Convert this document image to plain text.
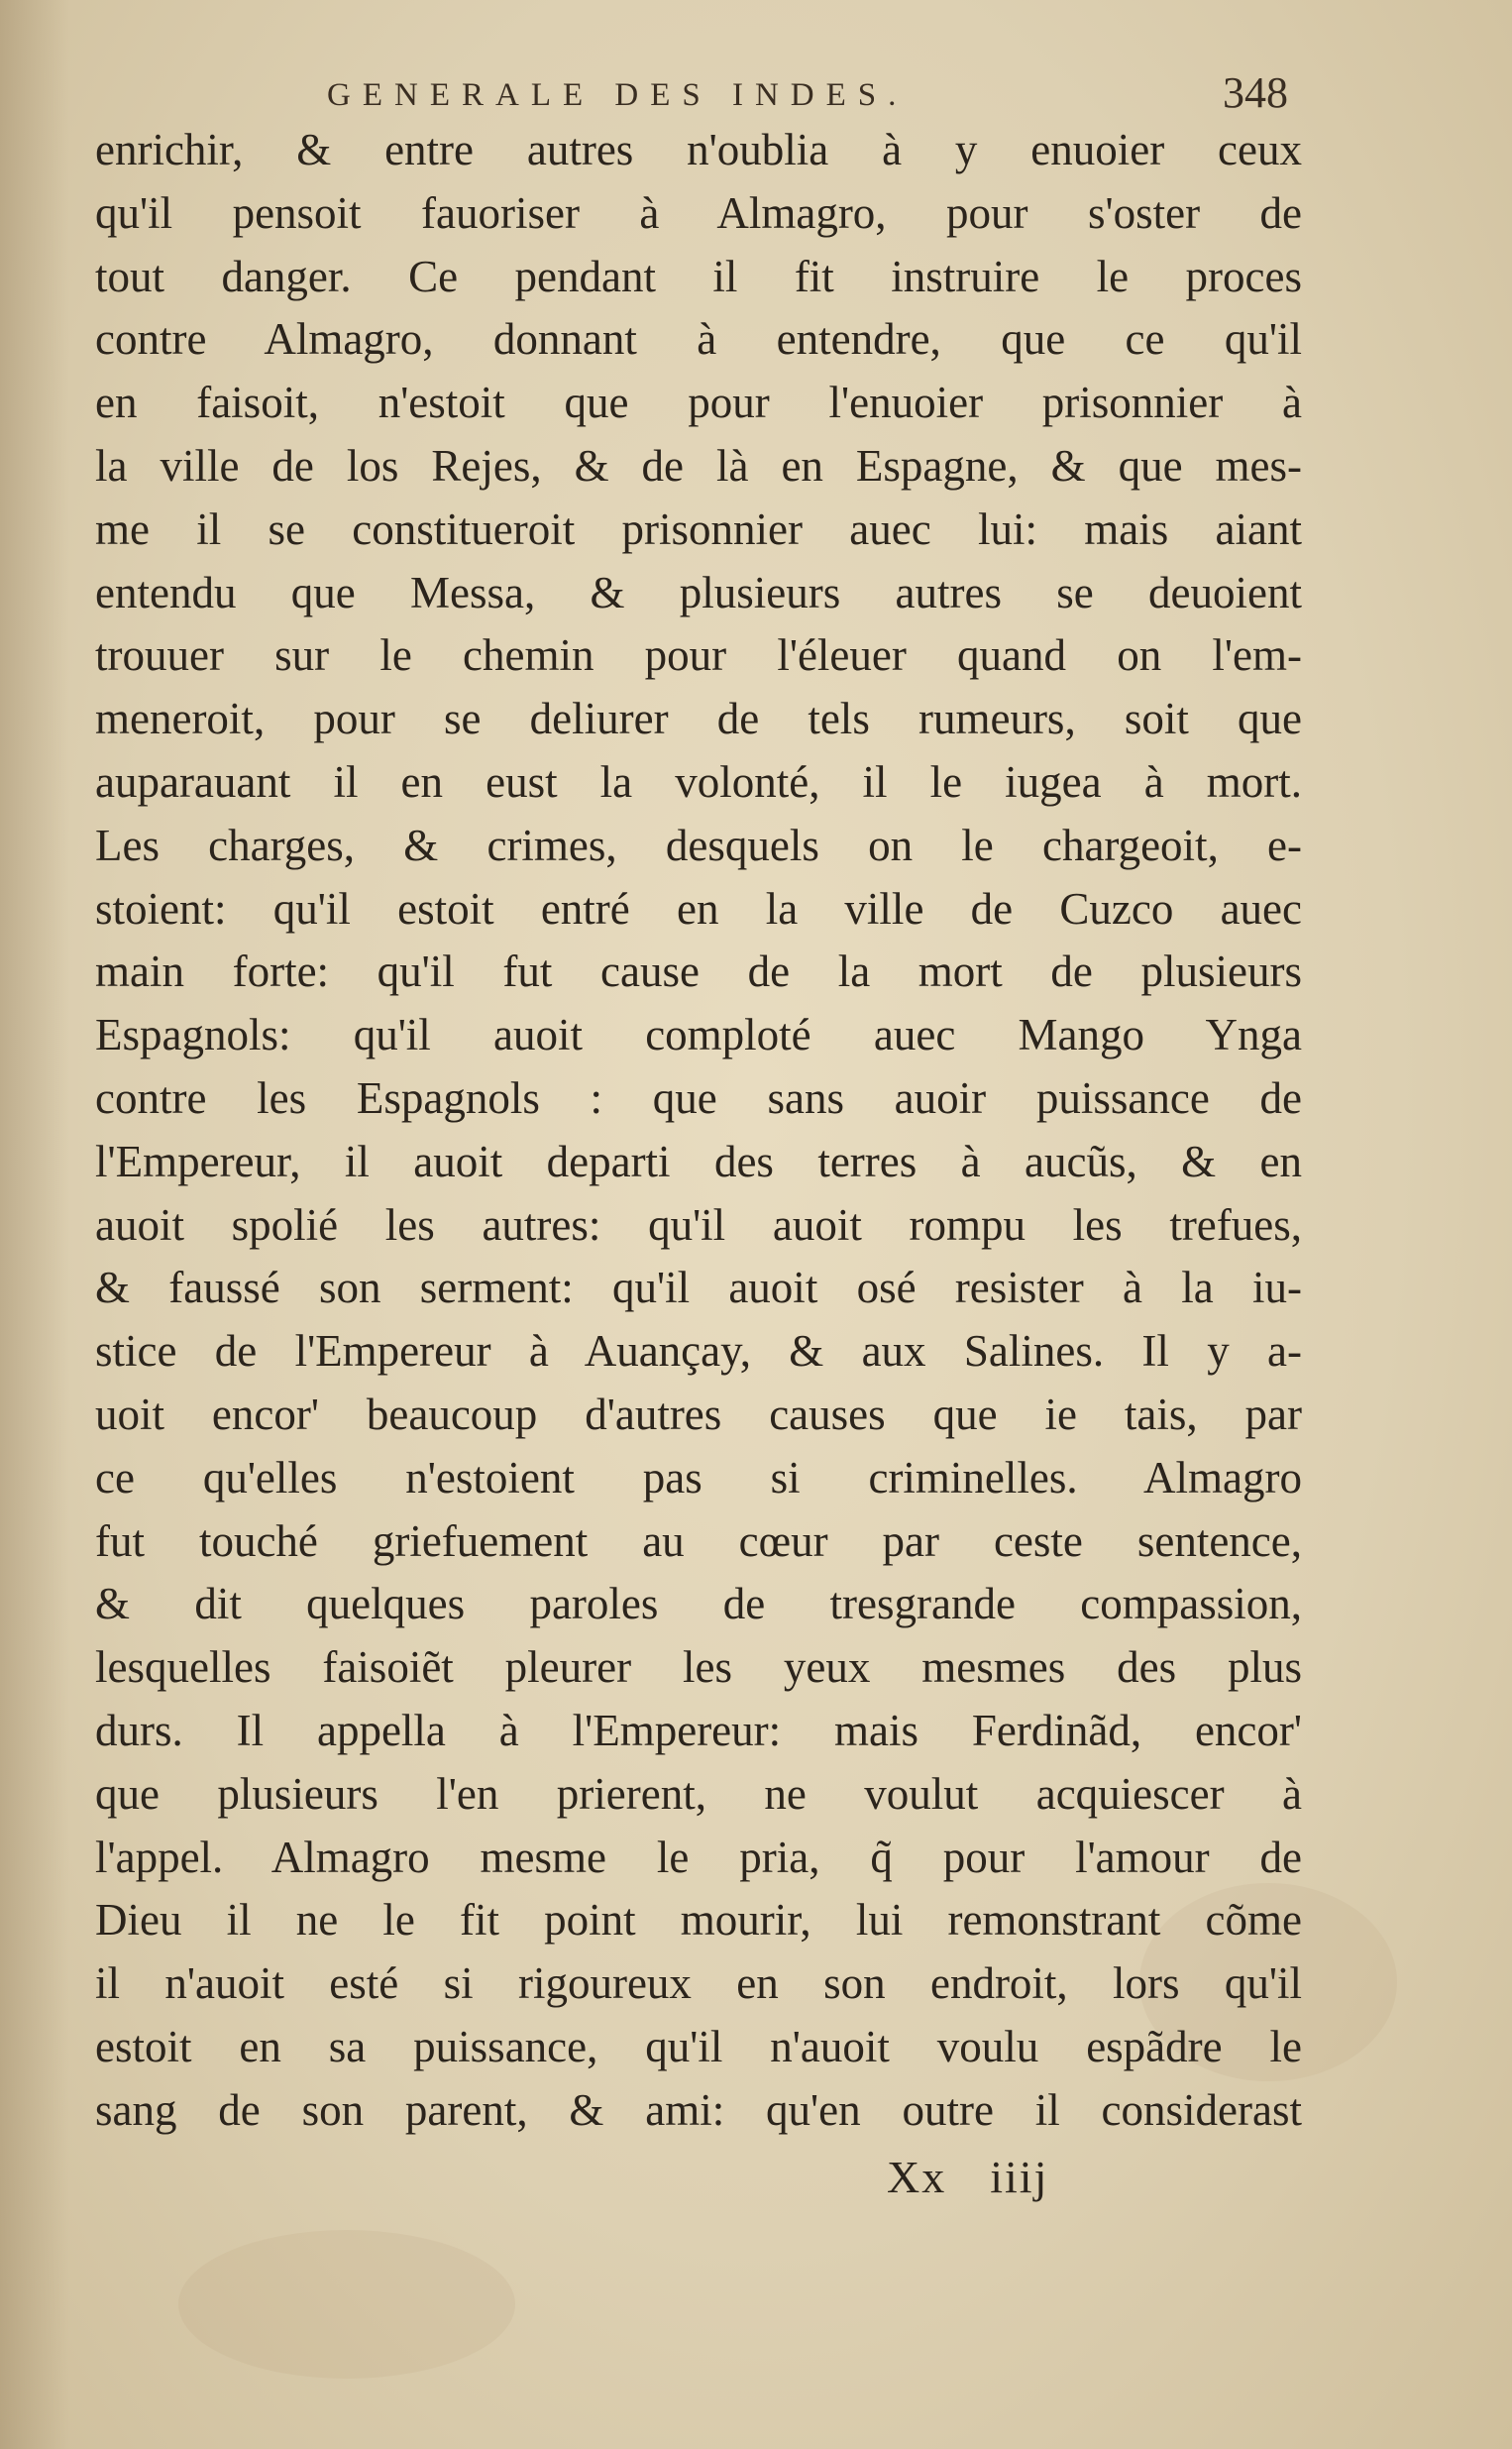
GENERALE DES INDES.	348
enrichir, & entre autres n'oublia à y enuoier ceux
qu'il pensoit fauoriser à Almagro, pour s'oster de
tout danger. Ce pendant il fit instruire le proces
contre Almagro, donnant à entendre, que ce qu'il
en faisoit, n'estoit que pour l'enuoier prisonnier à
la ville de los Rejes, & de là en Espagne, & que mes-
me il se constitueroit prisonnier auec lui: mais aiant
entendu que Messa, & plusieurs autres se deuoient
trouuer sur le chemin pour l'éleuer quand on l'em-
meneroit, pour se deliurer de tels rumeurs, soit que
auparauant il en eust la volonté, il le iugea à mort.
Les charges, & crimes, desquels on le chargeoit, e-
stoient: qu'il estoit entré en la ville de Cuzco auec
main forte: qu'il fut cause de la mort de plusieurs
Espagnols: qu'il auoit comploté auec Mango Ynga
contre les Espagnols : que sans auoir puissance de
l'Empereur, il auoit departi des terres à aucũs, & en
auoit spolié les autres: qu'il auoit rompu les trefues,
& faussé son serment: qu'il auoit osé resister à la iu-
stice de l'Empereur à Auançay, & aux Salines. Il y a-
uoit encor' beaucoup d'autres causes que ie tais, par
ce qu'elles n'estoient pas si criminelles. Almagro
fut touché griefuement au cœur par ceste sentence,
& dit quelques paroles de tresgrande compassion,
lesquelles faisoiẽt pleurer les yeux mesmes des plus
durs. Il appella à l'Empereur: mais Ferdinãd, encor'
que plusieurs l'en prierent, ne voulut acquiescer à
l'appel. Almagro mesme le pria, q̃ pour l'amour de
Dieu il ne le fit point mourir, lui remonstrant cõme
il n'auoit esté si rigoureux en son endroit, lors qu'il
estoit en sa puissance, qu'il n'auoit voulu espãdre le
sang de son parent, & ami: qu'en outre il considerast
Xx iiij
